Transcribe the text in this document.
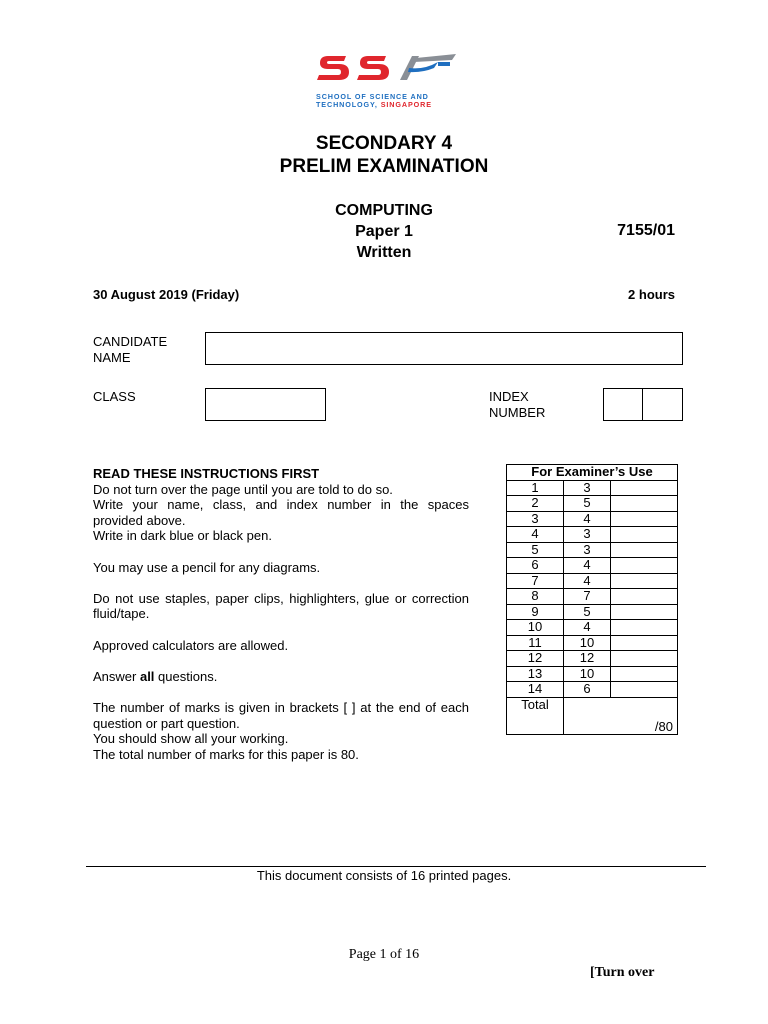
SCHOOL OF SCIENCE AND
TECHNOLOGY, SINGAPORE
SECONDARY 4
PRELIM EXAMINATION
COMPUTING
Paper 1
Written
7155/01
30 August 2019 (Friday)	2 hours
CANDIDATE
NAME
CLASS	INDEX
NUMBER

READ THESE INSTRUCTIONS FIRST

Do not turn over the page until you are told to do so.

Write your name, class, and index number in the spaces provided above.

Write in dark blue or black pen.

You may use a pencil for any diagrams.

Do not use staples, paper clips, highlighters, glue or correction fluid/tape.

Approved calculators are allowed.

Answer all questions.

The number of marks is given in brackets [ ] at the end of each question or part question.

You should show all your working.

The total number of marks for this paper is 80.

For Examiner’s Use		
1	3	
2	5	
3	4	
4	3	
5	3	
6	4	
7	4	
8	7	
9	5	
10	4	
11	10	
12	12	
13	10	
14	6	
Total	/80	
This document consists of 16 printed pages.
Page 1 of 16
[Turn over
